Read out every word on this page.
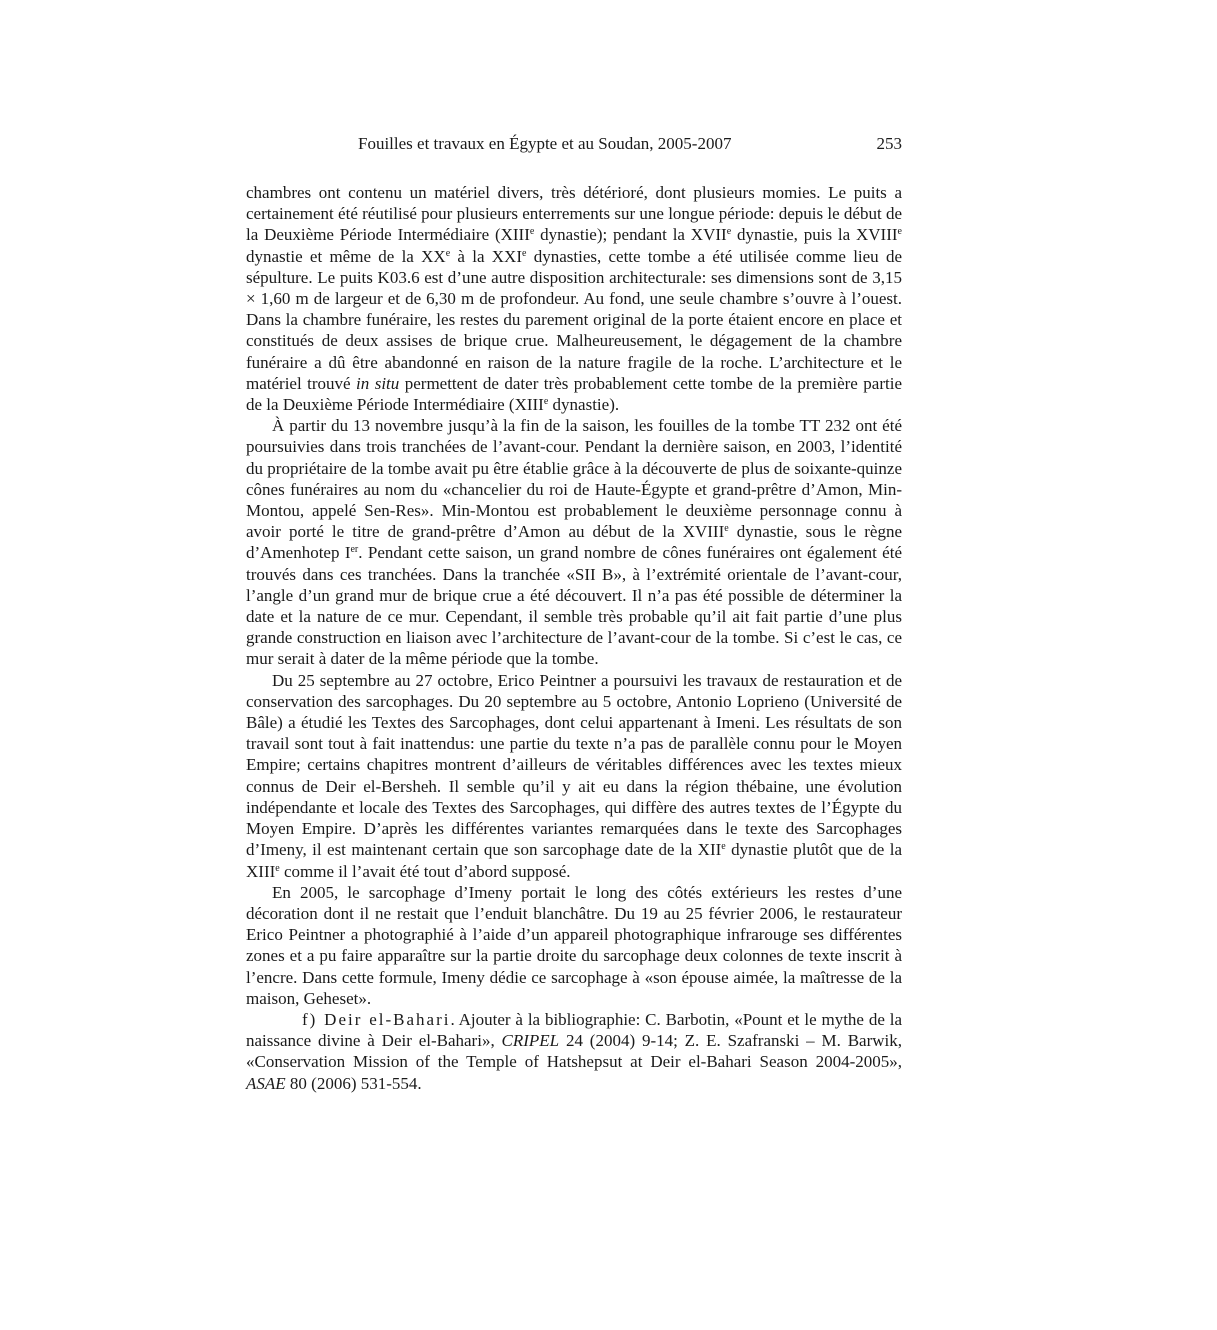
Fouilles et travaux en Égypte et au Soudan, 2005-2007	253

chambres ont contenu un matériel divers, très détérioré, dont plusieurs momies. Le puits a certainement été réutilisé pour plusieurs enterrements sur une longue période: depuis le début de la Deuxième Période Intermédiaire (XIIIe dynastie); pendant la XVIIe dynastie, puis la XVIIIe dynastie et même de la XXe à la XXIe dynasties, cette tombe a été utilisée comme lieu de sépulture. Le puits K03.6 est d’une autre disposition architecturale: ses dimensions sont de 3,15 × 1,60 m de largeur et de 6,30 m de profondeur. Au fond, une seule chambre s’ouvre à l’ouest. Dans la chambre funéraire, les restes du parement original de la porte étaient encore en place et constitués de deux assises de brique crue. Malheureusement, le dégagement de la chambre funéraire a dû être abandonné en raison de la nature fragile de la roche. L’architecture et le matériel trouvé in situ permettent de dater très probablement cette tombe de la première partie de la Deuxième Période Intermédiaire (XIIIe dynastie).

À partir du 13 novembre jusqu’à la fin de la saison, les fouilles de la tombe TT 232 ont été poursuivies dans trois tranchées de l’avant-cour. Pendant la dernière saison, en 2003, l’identité du propriétaire de la tombe avait pu être établie grâce à la découverte de plus de soixante-quinze cônes funéraires au nom du «chancelier du roi de Haute-Égypte et grand-prêtre d’Amon, Min-Montou, appelé Sen-Res». Min-Montou est probablement le deuxième personnage connu à avoir porté le titre de grand-prêtre d’Amon au début de la XVIIIe dynastie, sous le règne d’Amenhotep Ier. Pendant cette saison, un grand nombre de cônes funéraires ont également été trouvés dans ces tranchées. Dans la tranchée «SII B», à l’extrémité orientale de l’avant-cour, l’angle d’un grand mur de brique crue a été découvert. Il n’a pas été possible de déterminer la date et la nature de ce mur. Cependant, il semble très probable qu’il ait fait partie d’une plus grande construction en liaison avec l’architecture de l’avant-cour de la tombe. Si c’est le cas, ce mur serait à dater de la même période que la tombe.

Du 25 septembre au 27 octobre, Erico Peintner a poursuivi les travaux de restauration et de conservation des sarcophages. Du 20 septembre au 5 octobre, Antonio Loprieno (Université de Bâle) a étudié les Textes des Sarcophages, dont celui appartenant à Imeni. Les résultats de son travail sont tout à fait inattendus: une partie du texte n’a pas de parallèle connu pour le Moyen Empire; certains chapitres montrent d’ailleurs de véritables différences avec les textes mieux connus de Deir el-Bersheh. Il semble qu’il y ait eu dans la région thébaine, une évolution indépendante et locale des Textes des Sarcophages, qui diffère des autres textes de l’Égypte du Moyen Empire. D’après les différentes variantes remarquées dans le texte des Sarcophages d’Imeny, il est maintenant certain que son sarcophage date de la XIIe dynastie plutôt que de la XIIIe comme il l’avait été tout d’abord supposé.

En 2005, le sarcophage d’Imeny portait le long des côtés extérieurs les restes d’une décoration dont il ne restait que l’enduit blanchâtre. Du 19 au 25 février 2006, le restaurateur Erico Peintner a photographié à l’aide d’un appareil photographique infrarouge ses différentes zones et a pu faire apparaître sur la partie droite du sarcophage deux colonnes de texte inscrit à l’encre. Dans cette formule, Imeny dédie ce sarcophage à «son épouse aimée, la maîtresse de la maison, Geheset».

f) Deir el-Bahari. Ajouter à la bibliographie: C. Barbotin, «Pount et le mythe de la naissance divine à Deir el-Bahari», CRIPEL 24 (2004) 9-14; Z. E. Szafranski – M. Barwik, «Conservation Mission of the Temple of Hatshepsut at Deir el-Bahari Season 2004-2005», ASAE 80 (2006) 531-554.
